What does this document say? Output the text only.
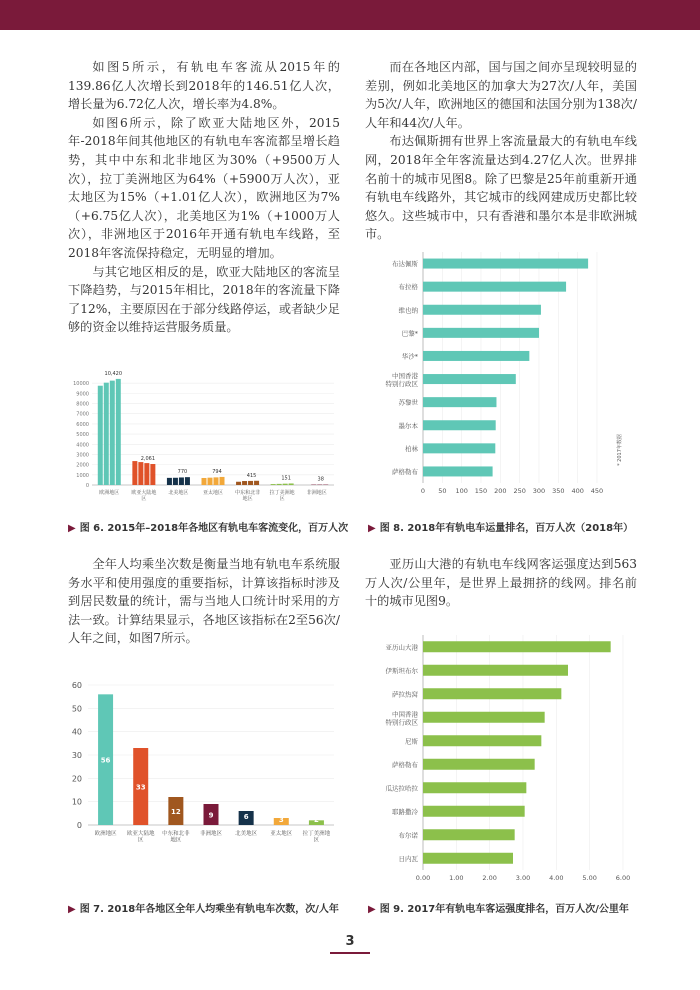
如图5所示，有轨电车客流从2015年的139.86亿人次增长到2018年的146.51亿人次，增长量为6.72亿人次，增长率为4.8%。

如图6所示，除了欧亚大陆地区外，2015年-2018年间其他地区的有轨电车客流都呈增长趋势，其中中东和北非地区为30%（+9500万人次），拉丁美洲地区为64%（+5900万人次），亚太地区为15%（+1.01亿人次），欧洲地区为7%（+6.75亿人次），北美地区为1%（+1000万人次），非洲地区于2016年开通有轨电车线路，至2018年客流保持稳定，无明显的增加。

与其它地区相反的是，欧亚大陆地区的客流呈下降趋势，与2015年相比，2018年的客流量下降了12%，主要原因在于部分线路停运，或者缺少足够的资金以维持运营服务质量。

而在各地区内部，国与国之间亦呈现较明显的差别，例如北美地区的加拿大为27次/人年，美国为5次/人年，欧洲地区的德国和法国分别为138次/人年和44次/人年。

布达佩斯拥有世界上客流量最大的有轨电车线网，2018年全年客流量达到4.27亿人次。世界排名前十的城市见图8。除了巴黎是25年前重新开通有轨电车线路外，其它城市的线网建成历史都比较悠久。这些城市中，只有香港和墨尔本是非欧洲城市。

全年人均乘坐次数是衡量当地有轨电车系统服务水平和使用强度的重要指标，计算该指标时涉及到居民数量的统计，需与当地人口统计时采用的方法一致。计算结果显示，各地区该指标在2至56次/人年之间，如图7所示。

亚历山大港的有轨电车线网客运强度达到563万人次/公里年，是世界上最拥挤的线网。排名前十的城市见图9。

0
1000
2000
3000
4000
5000
6000
7000
8000
9000
10000
10,420
欧洲地区
2,061
欧亚大陆地
区
770
北美地区
794
亚太地区
415
中东和北非
地区
151
拉丁美洲地
区
38
非洲地区
▶ 图 6. 2015年–2018年各地区有轨电车客流变化，百万人次
0
10
20
30
40
50
60
56
欧洲地区
33
欧亚大陆地
区
12
中东和北非
地区
9
非洲地区
6
北美地区
3
亚太地区
2
拉丁美洲地
区
▶ 图 7. 2018年各地区全年人均乘坐有轨电车次数，次/人年
0 50 100 150 200 250 300 350 400 450
布达佩斯
布拉格
维也纳
巴黎*
华沙*
中国香港
特别行政区
苏黎世
墨尔本
柏林
萨格勒布
* 2017年数据
▶ 图 8. 2018年有轨电车运量排名，百万人次（2018年）
0.00	1.00	2.00	3.00	4.00	5.00	6.00
亚历山大港
伊斯坦布尔
萨拉热窝
中国香港
特别行政区
尼斯
萨格勒布
瓜达拉哈拉
耶路撒冷
布尔诺
日内瓦
▶ 图 9. 2017年有轨电车客运强度排名，百万人次/公里年
3
